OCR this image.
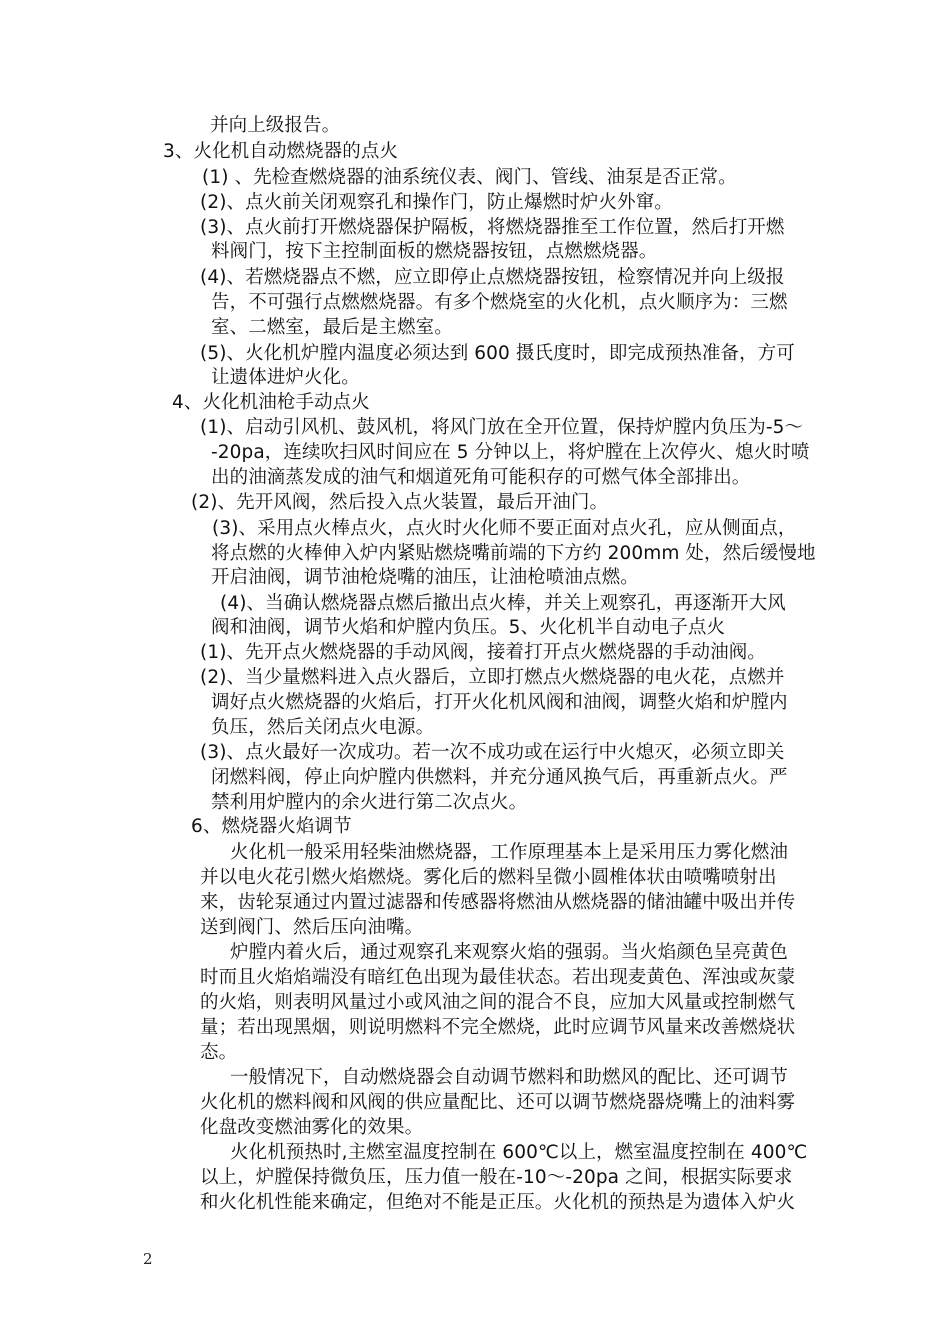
并向上级报告。
3、火化机自动燃烧器的点火
(1) 、先检查燃烧器的油系统仪表、阀门、管线、油泵是否正常。
(2)、点火前关闭观察孔和操作门，防止爆燃时炉火外窜。
(3)、点火前打开燃烧器保护隔板，将燃烧器推至工作位置，然后打开燃
料阀门，按下主控制面板的燃烧器按钮，点燃燃烧器。
(4)、若燃烧器点不燃，应立即停止点燃烧器按钮，检察情况并向上级报
告，不可强行点燃燃烧器。有多个燃烧室的火化机，点火顺序为：三燃
室、二燃室，最后是主燃室。
(5)、火化机炉膛内温度必须达到 600 摄氏度时，即完成预热准备，方可
让遗体进炉火化。
4、火化机油枪手动点火
(1)、启动引风机、鼓风机，将风门放在全开位置，保持炉膛内负压为-5～
-20pa，连续吹扫风时间应在 5 分钟以上，将炉膛在上次停火、熄火时喷
出的油滴蒸发成的油气和烟道死角可能积存的可燃气体全部排出。
(2)、先开风阀，然后投入点火装置，最后开油门。
(3)、采用点火棒点火，点火时火化师不要正面对点火孔，应从侧面点，
将点燃的火棒伸入炉内紧贴燃烧嘴前端的下方约 200mm 处，然后缓慢地
开启油阀，调节油枪烧嘴的油压，让油枪喷油点燃。
(4)、当确认燃烧器点燃后撤出点火棒，并关上观察孔，再逐渐开大风
阀和油阀，调节火焰和炉膛内负压。5、火化机半自动电子点火
(1)、先开点火燃烧器的手动风阀，接着打开点火燃烧器的手动油阀。
(2)、当少量燃料进入点火器后，立即打燃点火燃烧器的电火花，点燃并
调好点火燃烧器的火焰后，打开火化机风阀和油阀，调整火焰和炉膛内
负压，然后关闭点火电源。
(3)、点火最好一次成功。若一次不成功或在运行中火熄灭，必须立即关
闭燃料阀，停止向炉膛内供燃料，并充分通风换气后，再重新点火。严
禁利用炉膛内的余火进行第二次点火。
6、燃烧器火焰调节
火化机一般采用轻柴油燃烧器，工作原理基本上是采用压力雾化燃油
并以电火花引燃火焰燃烧。雾化后的燃料呈微小圆椎体状由喷嘴喷射出
来，齿轮泵通过内置过滤器和传感器将燃油从燃烧器的储油罐中吸出并传
送到阀门、然后压向油嘴。
炉膛内着火后，通过观察孔来观察火焰的强弱。当火焰颜色呈亮黄色
时而且火焰焰端没有暗红色出现为最佳状态。若出现麦黄色、浑浊或灰蒙
的火焰，则表明风量过小或风油之间的混合不良，应加大风量或控制燃气
量；若出现黑烟，则说明燃料不完全燃烧，此时应调节风量来改善燃烧状
态。
一般情况下，自动燃烧器会自动调节燃料和助燃风的配比、还可调节
火化机的燃料阀和风阀的供应量配比、还可以调节燃烧器烧嘴上的油料雾
化盘改变燃油雾化的效果。
火化机预热时,主燃室温度控制在 600℃以上，燃室温度控制在 400℃
以上，炉膛保持微负压，压力值一般在-10～-20pa 之间，根据实际要求
和火化机性能来确定，但绝对不能是正压。火化机的预热是为遗体入炉火
2
